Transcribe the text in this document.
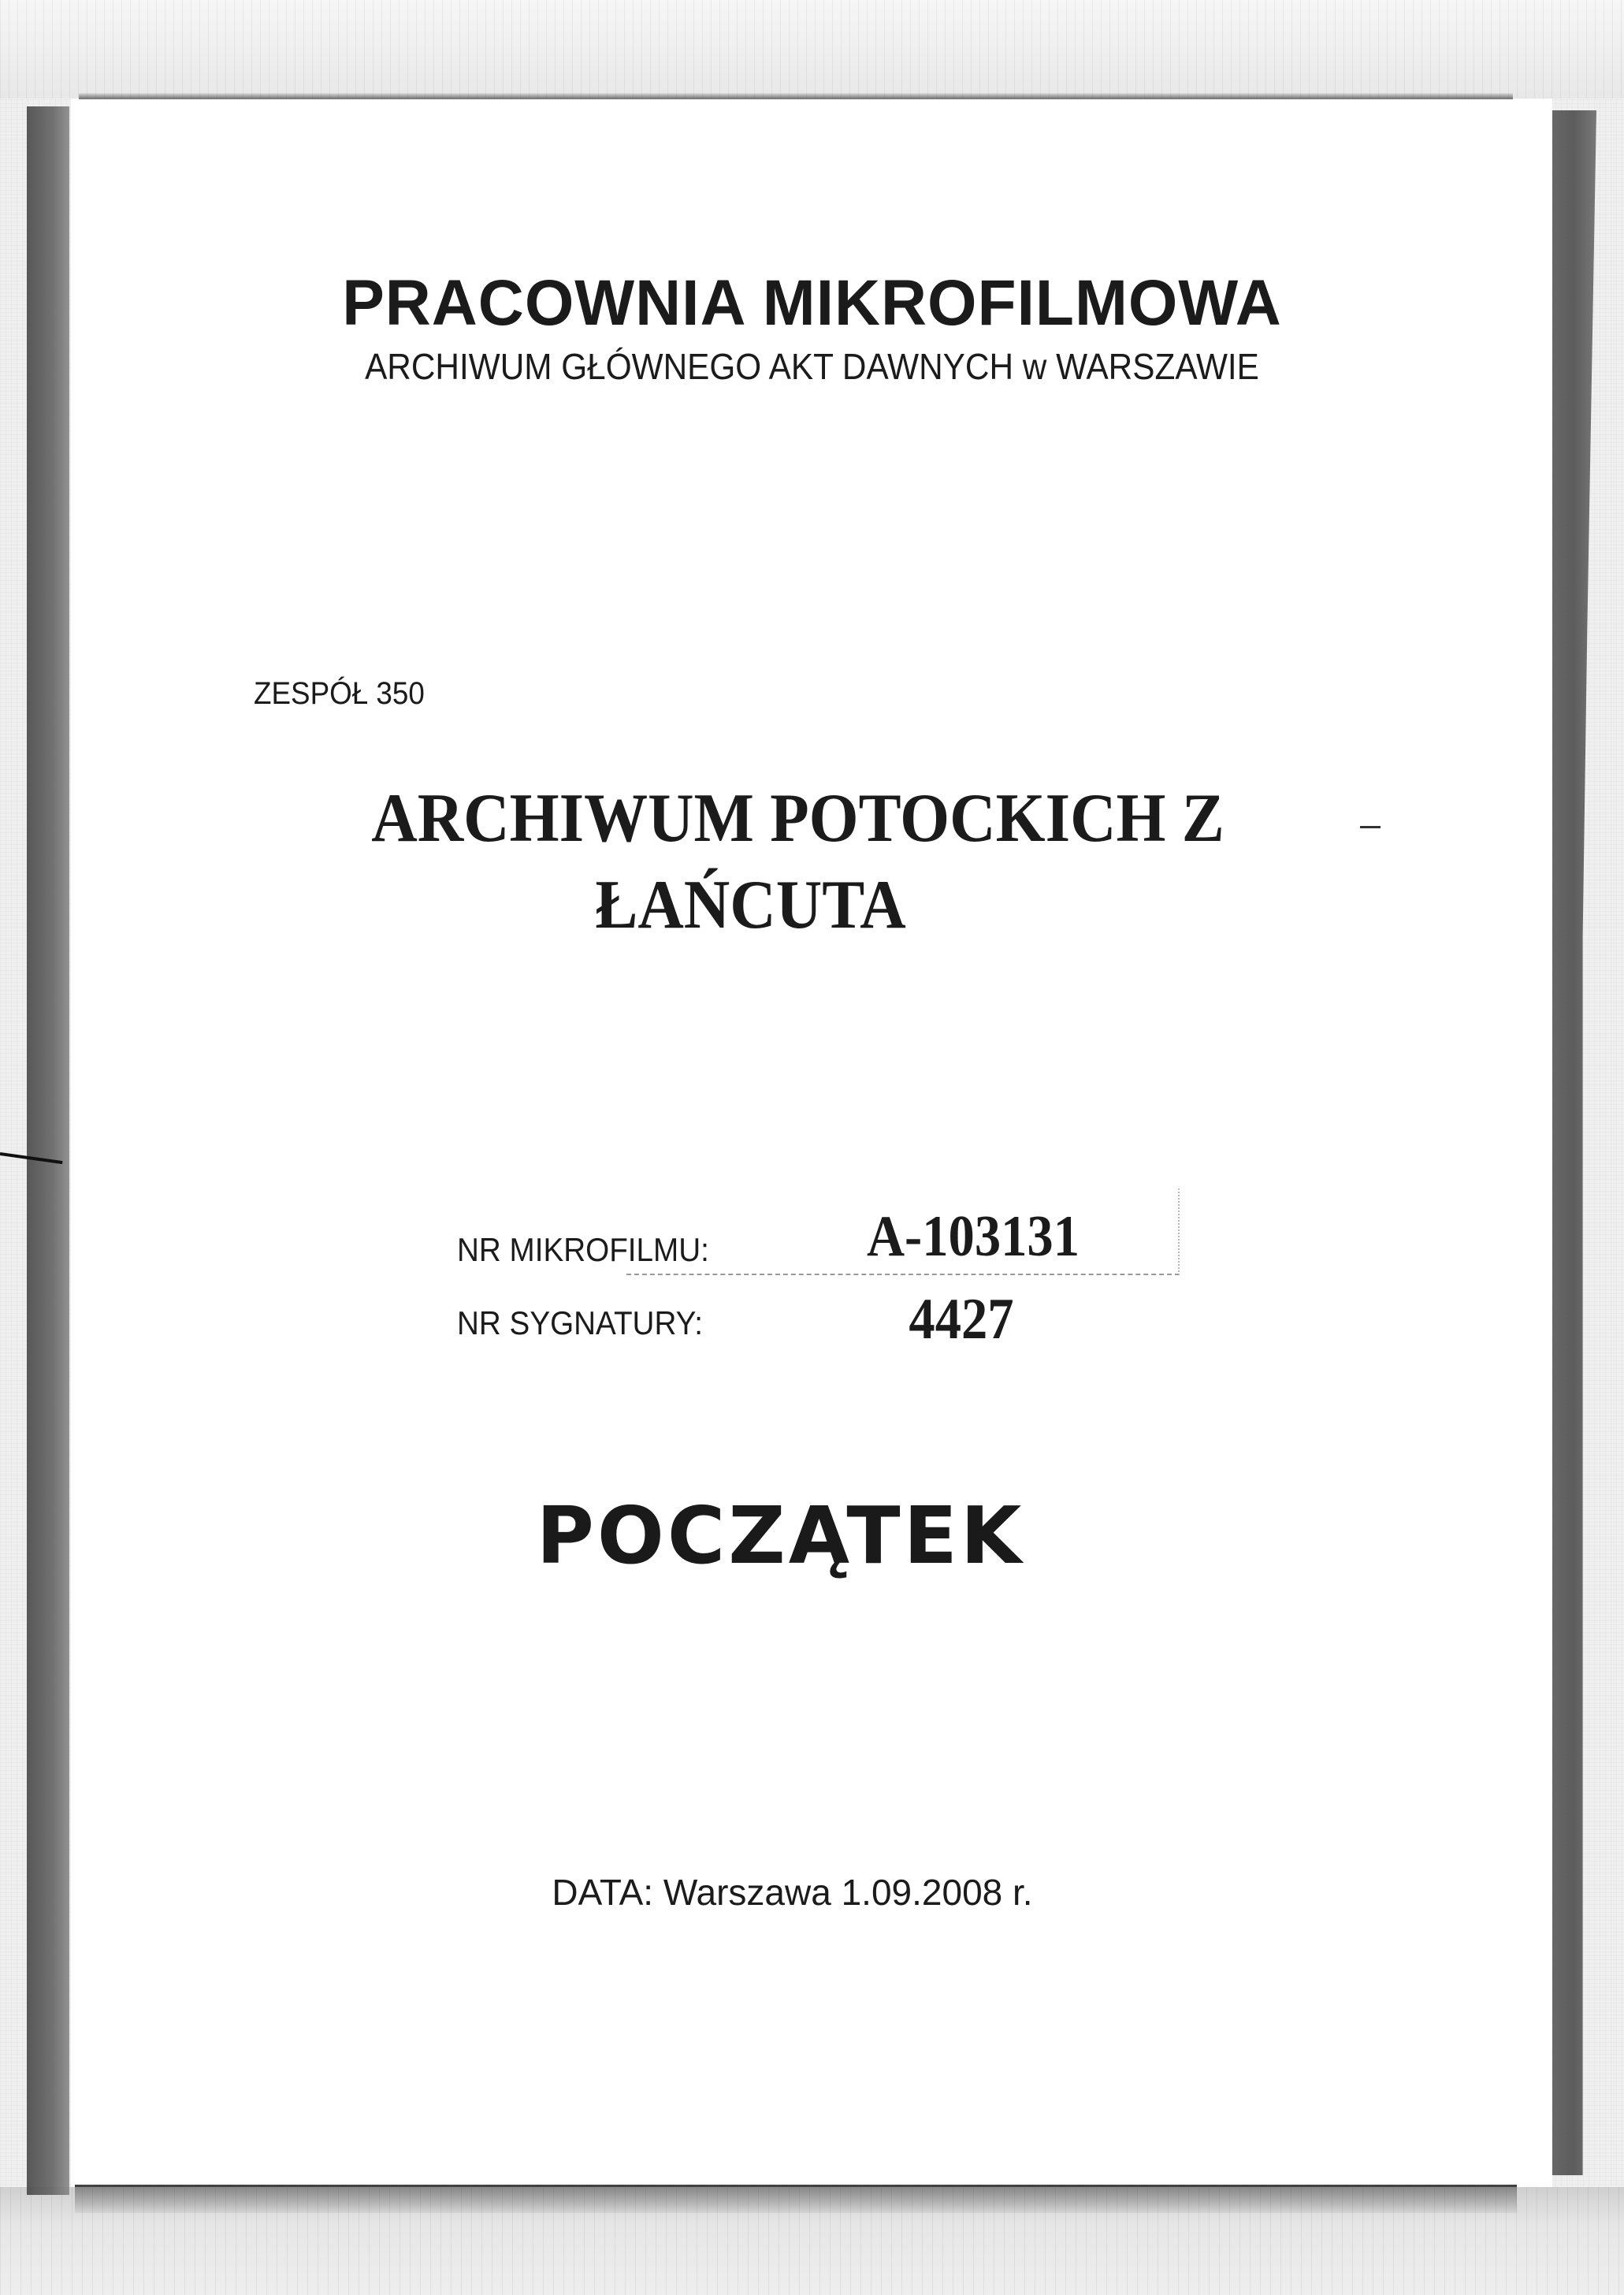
PRACOWNIA MIKROFILMOWA
ARCHIWUM GŁÓWNEGO AKT DAWNYCH w WARSZAWIE
ZESPÓŁ 350
ARCHIWUM POTOCKICH Z
ŁAŃCUTA
NR MIKROFILMU:	A-103131
NR SYGNATURY:	4427
POCZĄTEK
DATA: Warszawa 1.09.2008 r.
